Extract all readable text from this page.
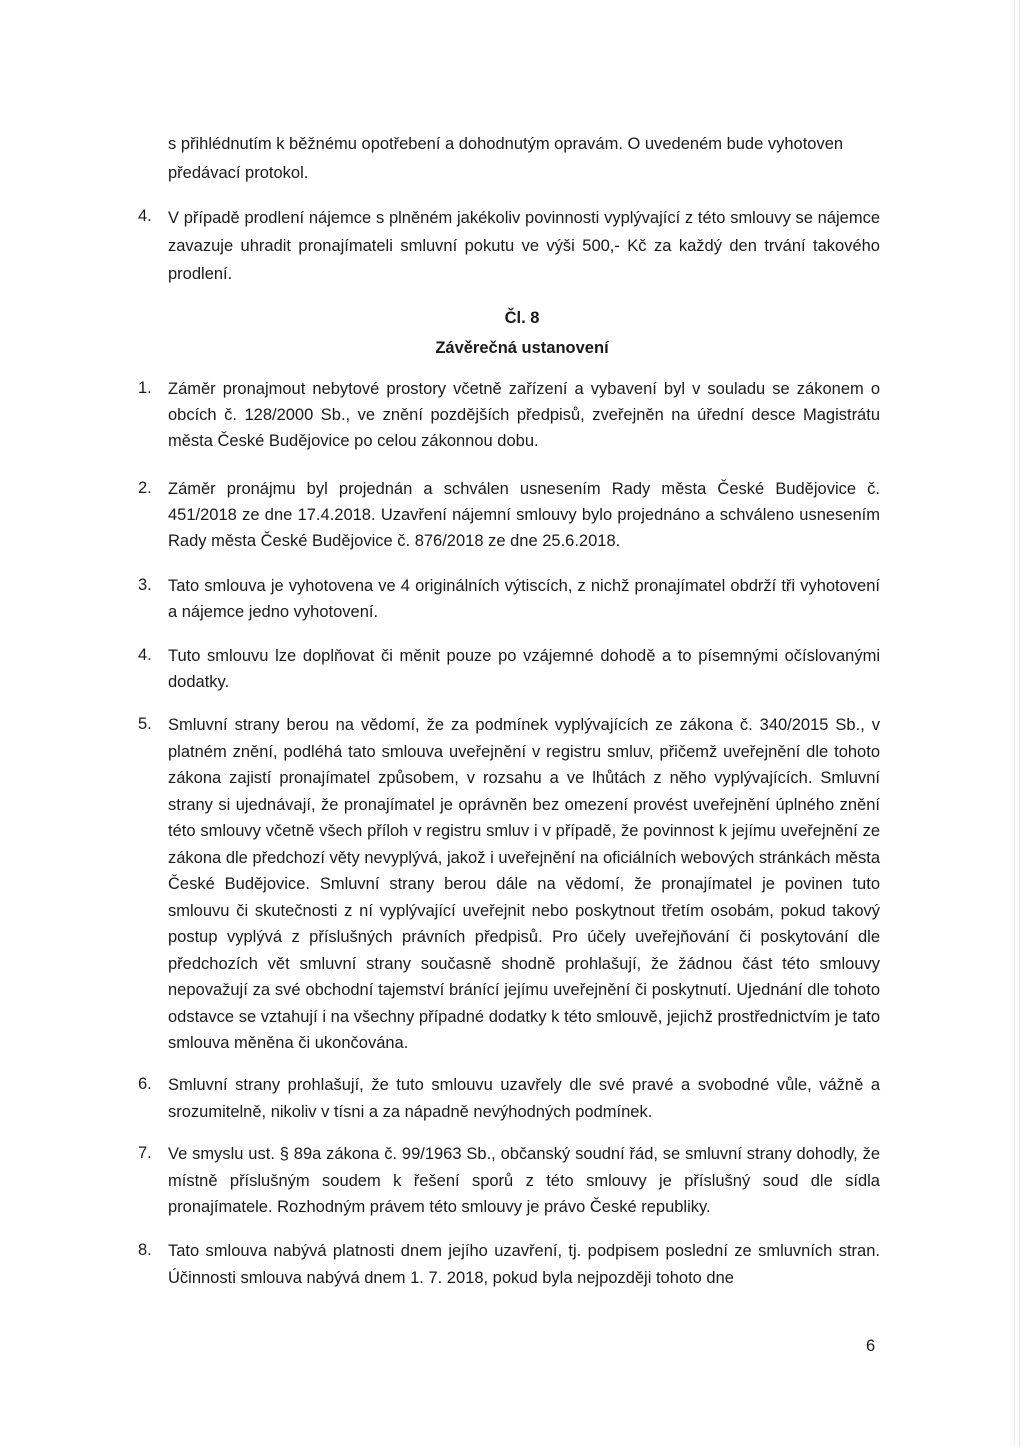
s přihlédnutím k běžnému opotřebení a dohodnutým opravám. O uvedeném bude vyhotoven
předávací protokol.
4. V případě prodlení nájemce s plněném jakékoliv povinnosti vyplývající z této smlouvy se nájemce zavazuje uhradit pronajímateli smluvní pokutu ve výši 500,- Kč za každý den trvání takového prodlení.
Čl. 8
Závěrečná ustanovení
1. Záměr pronajmout nebytové prostory včetně zařízení a vybavení byl v souladu se zákonem o obcích č. 128/2000 Sb., ve znění pozdějších předpisů, zveřejněn na úřední desce Magistrátu města České Budějovice po celou zákonnou dobu.
2. Záměr pronájmu byl projednán a schválen usnesením Rady města České Budějovice č. 451/2018 ze dne 17.4.2018. Uzavření nájemní smlouvy bylo projednáno a schváleno usnesením Rady města České Budějovice č. 876/2018 ze dne 25.6.2018.
3. Tato smlouva je vyhotovena ve 4 originálních výtiscích, z nichž pronajímatel obdrží tři vyhotovení a nájemce jedno vyhotovení.
4. Tuto smlouvu lze doplňovat či měnit pouze po vzájemné dohodě a to písemnými očíslovanými dodatky.
5. Smluvní strany berou na vědomí, že za podmínek vyplývajících ze zákona č. 340/2015 Sb., v platném znění, podléhá tato smlouva uveřejnění v registru smluv, přičemž uveřejnění dle tohoto zákona zajistí pronajímatel způsobem, v rozsahu a ve lhůtách z něho vyplývajících. Smluvní strany si ujednávají, že pronajímatel je oprávněn bez omezení provést uveřejnění úplného znění této smlouvy včetně všech příloh v registru smluv i v případě, že povinnost k jejímu uveřejnění ze zákona dle předchozí věty nevyplývá, jakož i uveřejnění na oficiálních webových stránkách města České Budějovice. Smluvní strany berou dále na vědomí, že pronajímatel je povinen tuto smlouvu či skutečnosti z ní vyplývající uveřejnit nebo poskytnout třetím osobám, pokud takový postup vyplývá z příslušných právních předpisů. Pro účely uveřejňování či poskytování dle předchozích vět smluvní strany současně shodně prohlašují, že žádnou část této smlouvy nepovažují za své obchodní tajemství bránící jejímu uveřejnění či poskytnutí. Ujednání dle tohoto odstavce se vztahují i na všechny případné dodatky k této smlouvě, jejichž prostřednictvím je tato smlouva měněna či ukončována.
6. Smluvní strany prohlašují, že tuto smlouvu uzavřely dle své pravé a svobodné vůle, vážně a srozumitelně, nikoliv v tísni a za nápadně nevýhodných podmínek.
7. Ve smyslu ust. § 89a zákona č. 99/1963 Sb., občanský soudní řád, se smluvní strany dohodly, že místně příslušným soudem k řešení sporů z této smlouvy je příslušný soud dle sídla pronajímatele. Rozhodným právem této smlouvy je právo České republiky.
8. Tato smlouva nabývá platnosti dnem jejího uzavření, tj. podpisem poslední ze smluvních stran. Účinnosti smlouva nabývá dnem 1. 7. 2018, pokud byla nejpozději tohoto dne
6
